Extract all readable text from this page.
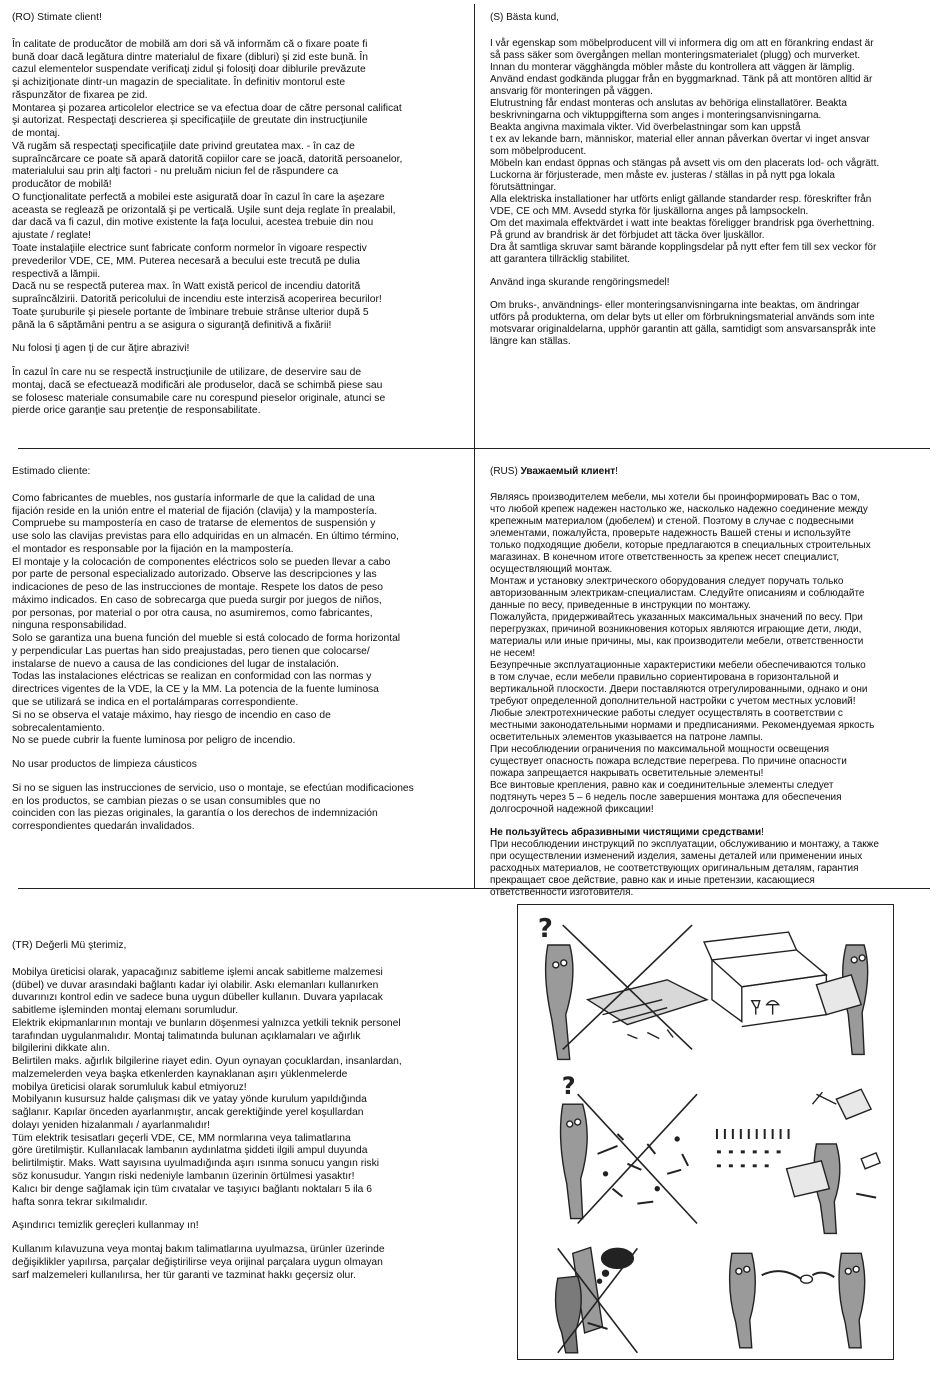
(RO) Stimate client!

În calitate de producător de mobilă am dori să vă informăm că o fixare poate fi
bună doar dacă legătura dintre materialul de fixare (dibluri) şi zid este bună. În
cazul elementelor suspendate verificaţi zidul şi folosiţi doar diblurile prevăzute
şi achiziţionate dintr-un magazin de specialitate. În definitiv montorul este
răspunzător de fixarea pe zid.
Montarea şi pozarea articolelor electrice se va efectua doar de către personal calificat
şi autorizat. Respectaţi descrierea şi specificaţiile de greutate din instrucţiunile
de montaj.
Vă rugăm să respectaţi specificaţiile date privind greutatea max. - în caz de
supraîncărcare ce poate să apară datorită copiilor care se joacă, datorită persoanelor,
materialului sau prin alţi factori - nu preluăm niciun fel de răspundere ca
producător de mobilă!
O funcţionalitate perfectă a mobilei este asigurată doar în cazul în care la aşezare
aceasta se reglează pe orizontală şi pe verticală. Uşile sunt deja reglate în prealabil,
dar dacă va fi cazul, din motive existente la faţa locului, acestea trebuie din nou
ajustate / reglate!
Toate instalaţiile electrice sunt fabricate conform normelor în vigoare respectiv
prevederilor VDE, CE, MM. Puterea necesară a becului este trecută pe dulia
respectivă a lămpii.
Dacă nu se respectă puterea max. în Watt există pericol de incendiu datorită
supraîncălzirii. Datorită pericolului de incendiu este interzisă acoperirea becurilor!
Toate şuruburile şi piesele portante de îmbinare trebuie strânse ulterior după 5
până la 6 săptămâni pentru a se asigura o siguranţă definitivă a fixării!

Nu folosi ţi agen ţi de cur ăţire abrazivi!

În cazul în care nu se respectă instrucţiunile de utilizare, de deservire sau de
montaj, dacă se efectuează modificări ale produselor, dacă se schimbă piese sau
se folosesc materiale consumabile care nu corespund pieselor originale, atunci se
pierde orice garanţie sau pretenţie de responsabilitate.

(S) Bästa kund,

I vår egenskap som möbelproducent vill vi informera dig om att en förankring endast är
så pass säker som övergången mellan monteringsmaterialet (plugg) och murverket.
Innan du monterar vägghängda möbler måste du kontrollera att väggen är lämplig.
Använd endast godkända pluggar från en byggmarknad. Tänk på att montören alltid är
ansvarig för monteringen på väggen.
Elutrustning får endast monteras och anslutas av behöriga elinstallatörer. Beakta
beskrivningarna och viktuppgifterna som anges i monteringsanvisningarna.
Beakta angivna maximala vikter. Vid överbelastningar som kan uppstå
t ex av lekande barn, människor, material eller annan påverkan övertar vi inget ansvar
som möbelproducent.
Möbeln kan endast öppnas och stängas på avsett vis om den placerats lod- och vågrätt.
Luckorna är förjusterade, men måste ev. justeras / ställas in på nytt pga lokala
förutsättningar.
Alla elektriska installationer har utförts enligt gällande standarder resp. föreskrifter från
VDE, CE och MM. Avsedd styrka för ljuskällorna anges på lampsockeln.
Om det maximala effektvärdet i watt inte beaktas föreligger brandrisk pga överhettning.
På grund av brandrisk är det förbjudet att täcka över ljuskällor.
Dra åt samtliga skruvar samt bärande kopplingsdelar på nytt efter fem till sex veckor för
att garantera tillräcklig stabilitet.

Använd inga skurande rengöringsmedel!

Om bruks-, användnings- eller monteringsanvisningarna inte beaktas, om ändringar
utförs på produkterna, om delar byts ut eller om förbrukningsmaterial används som inte
motsvarar originaldelarna, upphör garantin att gälla, samtidigt som ansvarsanspråk inte
längre kan ställas.

Estimado cliente:

Como fabricantes de muebles, nos gustaría informarle de que la calidad de una
fijación reside en la unión entre el material de fijación (clavija) y la mampostería.
Compruebe su mampostería en caso de tratarse de elementos de suspensión y
use solo las clavijas previstas para ello adquiridas en un almacén. En último término,
el montador es responsable por la fijación en la mampostería.
El montaje y la colocación de componentes eléctricos solo se pueden llevar a cabo
por parte de personal especializado autorizado. Observe las descripciones y las
indicaciones de peso de las instrucciones de montaje. Respete los datos de peso
máximo indicados. En caso de sobrecarga que pueda surgir por juegos de niños,
por personas, por material o por otra causa, no asumiremos, como fabricantes,
ninguna responsabilidad.
Solo se garantiza una buena función del mueble si está colocado de forma horizontal
y perpendicular Las puertas han sido preajustadas, pero tienen que colocarse/
instalarse de nuevo a causa de las condiciones del lugar de instalación.
Todas las instalaciones eléctricas se realizan en conformidad con las normas y
directrices vigentes de la VDE, la CE y la MM. La potencia de la fuente luminosa
que se utilizará se indica en el portalámparas correspondiente.
Si no se observa el vataje máximo, hay riesgo de incendio en caso de
sobrecalentamiento.
No se puede cubrir la fuente luminosa por peligro de incendio.

No usar productos de limpieza cáusticos

Si no se siguen las instrucciones de servicio, uso o montaje, se efectúan modificaciones
en los productos, se cambian piezas o se usan consumibles que no
coinciden con las piezas originales, la garantía o los derechos de indemnización
correspondientes quedarán invalidados.

(RUS) Уважаемый клиент!

Являясь производителем мебели, мы хотели бы проинформировать Вас о том,
что любой крепеж надежен настолько же, насколько надежно соединение между
крепежным материалом (дюбелем) и стеной. Поэтому в случае с подвесными
элементами, пожалуйста, проверьте надежность Вашей стены и используйте
только подходящие дюбели, которые предлагаются в специальных строительных
магазинах. В конечном итоге ответственность за крепеж несет специалист,
осуществляющий монтаж.
Монтаж и установку электрического оборудования следует поручать только
авторизованным электрикам-специалистам. Следуйте описаниям и соблюдайте
данные по весу, приведенные в инструкции по монтажу.
Пожалуйста, придерживайтесь указанных максимальных значений по весу. При
перегрузках, причиной возникновения которых являются играющие дети, люди,
материалы или иные причины, мы, как производители мебели, ответственности
не несем!
Безупречные эксплуатационные характеристики мебели обеспечиваются только
в том случае, если мебели правильно сориентирована в горизонтальной и
вертикальной плоскости. Двери поставляются отрегулированными, однако и они
требуют определенной дополнительной настройки с учетом местных условий!
Любые электротехнические работы следует осуществлять в соответствии с
местными законодательными нормами и предписаниями. Рекомендуемая яркость
осветительных элементов указывается на патроне лампы.
При несоблюдении ограничения по максимальной мощности освещения
существует опасность пожара вследствие перегрева. По причине опасности
пожара запрещается накрывать осветительные элементы!
Все винтовые крепления, равно как и соединительные элементы следует
подтянуть через 5 – 6 недель после завершения монтажа для обеспечения
долгосрочной надежной фиксации!

Не пользуйтесь абразивными чистящими средствами!

При несоблюдении инструкций по эксплуатации, обслуживанию и монтажу, а также
при осуществлении изменений изделия, замены деталей или применении иных
расходных материалов, не соответствующих оригинальным деталям, гарантия
прекращает свое действие, равно как и иные претензии, касающиеся
ответственности изготовителя.

(TR) Değerli Mü şterimiz,

Mobilya üreticisi olarak, yapacağınız sabitleme işlemi ancak sabitleme malzemesi
(dübel) ve duvar arasındaki bağlantı kadar iyi olabilir. Askı elemanları kullanırken
duvarınızı kontrol edin ve sadece buna uygun dübeller kullanın. Duvara yapılacak
sabitleme işleminden montaj elemanı sorumludur.
Elektrik ekipmanlarının montajı ve bunların döşenmesi yalnızca yetkili teknik personel
tarafından uygulanmalıdır. Montaj talimatında bulunan açıklamaları ve ağırlık
bilgilerini dikkate alın.
Belirtilen maks. ağırlık bilgilerine riayet edin. Oyun oynayan çocuklardan, insanlardan,
malzemelerden veya başka etkenlerden kaynaklanan aşırı yüklenmelerde
mobilya üreticisi olarak sorumluluk kabul etmiyoruz!
Mobilyanın kusursuz halde çalışması dik ve yatay yönde kurulum yapıldığında
sağlanır. Kapılar önceden ayarlanmıştır, ancak gerektiğinde yerel koşullardan
dolayı yeniden hizalanmalı / ayarlanmalıdır!
Tüm elektrik tesisatları geçerli VDE, CE, MM normlarına veya talimatlarına
göre üretilmiştir. Kullanılacak lambanın aydınlatma şiddeti ilgili ampul duyunda
belirtilmiştir. Maks. Watt sayısına uyulmadığında aşırı ısınma sonucu yangın riski
söz konusudur. Yangın riski nedeniyle lambanın üzerinin örtülmesi yasaktır!
Kalıcı bir denge sağlamak için tüm cıvatalar ve taşıyıcı bağlantı noktaları 5 ila 6
hafta sonra tekrar sıkılmalıdır.

Aşındırıcı temizlik gereçleri kullanmay ın!

Kullanım kılavuzuna veya montaj bakım talimatlarına uyulmazsa, ürünler üzerinde
değişiklikler yapılırsa, parçalar değiştirilirse veya orijinal parçalara uygun olmayan
sarf malzemeleri kullanılırsa, her tür garanti ve tazminat hakkı geçersiz olur.

?
?
